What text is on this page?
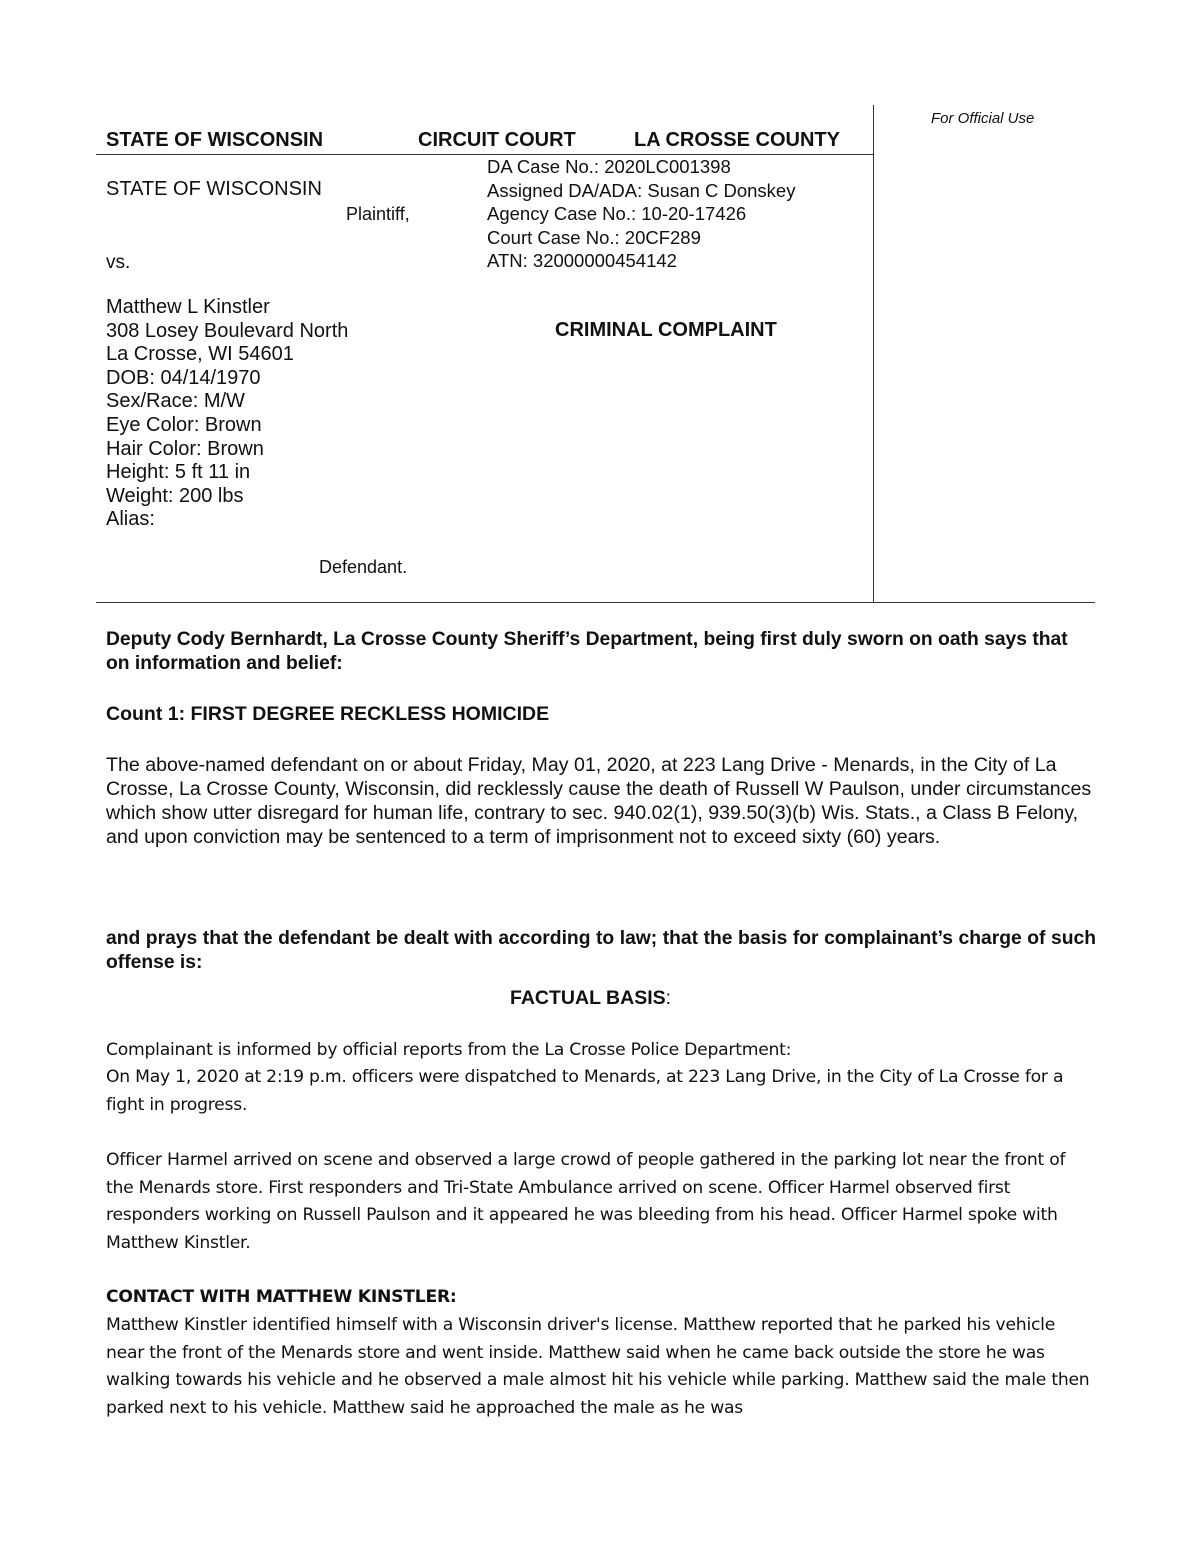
For Official Use
STATE OF WISCONSIN	CIRCUIT COURT	LA CROSSE COUNTY
STATE OF WISCONSIN
Plaintiff,
vs.
DA Case No.: 2020LC001398
Assigned DA/ADA: Susan C Donskey
Agency Case No.: 10-20-17426
Court Case No.: 20CF289
ATN: 32000000454142
CRIMINAL COMPLAINT
Matthew L Kinstler
308 Losey Boulevard North
La Crosse, WI 54601
DOB: 04/14/1970
Sex/Race: M/W
Eye Color: Brown
Hair Color: Brown
Height: 5 ft 11 in
Weight: 200 lbs
Alias:
Defendant.
Deputy Cody Bernhardt, La Crosse County Sheriff’s Department, being first duly sworn on oath says that on information and belief:
Count 1: FIRST DEGREE RECKLESS HOMICIDE
The above-named defendant on or about Friday, May 01, 2020, at 223 Lang Drive - Menards, in the City of La Crosse, La Crosse County, Wisconsin, did recklessly cause the death of Russell W Paulson, under circumstances which show utter disregard for human life, contrary to sec. 940.02(1), 939.50(3)(b) Wis. Stats., a Class B Felony, and upon conviction may be sentenced to a term of imprisonment not to exceed sixty (60) years.
and prays that the defendant be dealt with according to law; that the basis for complainant’s charge of such offense is:
FACTUAL BASIS:
Complainant is informed by official reports from the La Crosse Police Department:
On May 1, 2020 at 2:19 p.m. officers were dispatched to Menards, at 223 Lang Drive, in the City of La Crosse for a fight in progress.
Officer Harmel arrived on scene and observed a large crowd of people gathered in the parking lot near the front of the Menards store. First responders and Tri-State Ambulance arrived on scene. Officer Harmel observed first responders working on Russell Paulson and it appeared he was bleeding from his head. Officer Harmel spoke with Matthew Kinstler.
CONTACT WITH MATTHEW KINSTLER:
Matthew Kinstler identified himself with a Wisconsin driver's license. Matthew reported that he parked his vehicle near the front of the Menards store and went inside. Matthew said when he came back outside the store he was walking towards his vehicle and he observed a male almost hit his vehicle while parking. Matthew said the male then parked next to his vehicle. Matthew said he approached the male as he was
